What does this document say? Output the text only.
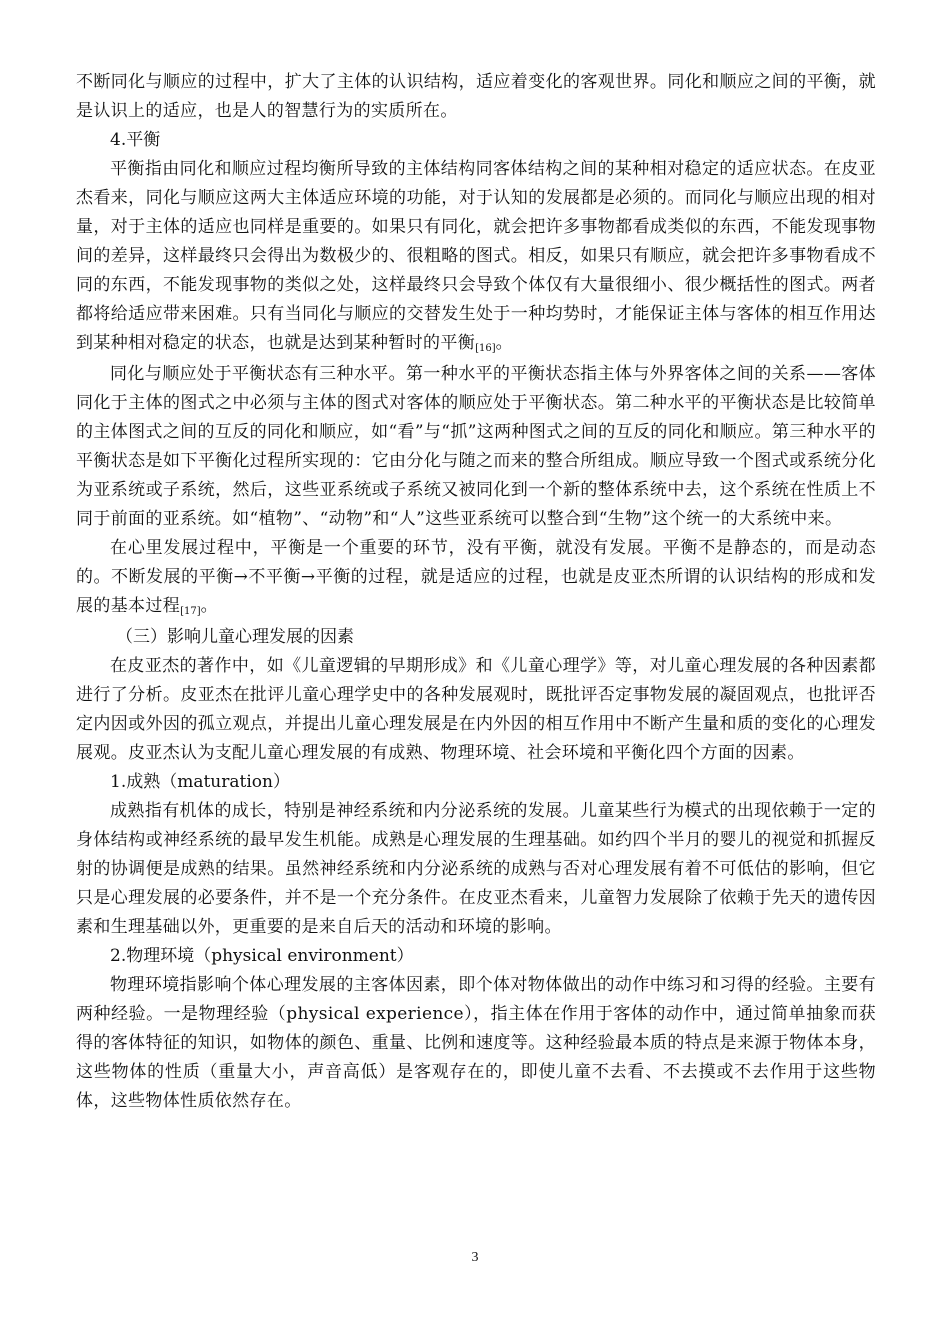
不断同化与顺应的过程中，扩大了主体的认识结构，适应着变化的客观世界。同化和顺应之间的平衡，就是认识上的适应，也是人的智慧行为的实质所在。

4.平衡

平衡指由同化和顺应过程均衡所导致的主体结构同客体结构之间的某种相对稳定的适应状态。在皮亚杰看来，同化与顺应这两大主体适应环境的功能，对于认知的发展都是必须的。而同化与顺应出现的相对量，对于主体的适应也同样是重要的。如果只有同化，就会把许多事物都看成类似的东西，不能发现事物间的差异，这样最终只会得出为数极少的、很粗略的图式。相反，如果只有顺应，就会把许多事物看成不同的东西，不能发现事物的类似之处，这样最终只会导致个体仅有大量很细小、很少概括性的图式。两者都将给适应带来困难。只有当同化与顺应的交替发生处于一种均势时，才能保证主体与客体的相互作用达到某种相对稳定的状态，也就是达到某种暂时的平衡[16]。

同化与顺应处于平衡状态有三种水平。第一种水平的平衡状态指主体与外界客体之间的关系——客体同化于主体的图式之中必须与主体的图式对客体的顺应处于平衡状态。第二种水平的平衡状态是比较简单的主体图式之间的互反的同化和顺应，如“看”与“抓”这两种图式之间的互反的同化和顺应。第三种水平的平衡状态是如下平衡化过程所实现的：它由分化与随之而来的整合所组成。顺应导致一个图式或系统分化为亚系统或子系统，然后，这些亚系统或子系统又被同化到一个新的整体系统中去，这个系统在性质上不同于前面的亚系统。如“植物”、“动物”和“人”这些亚系统可以整合到“生物”这个统一的大系统中来。

在心里发展过程中，平衡是一个重要的环节，没有平衡，就没有发展。平衡不是静态的，而是动态的。不断发展的平衡→不平衡→平衡的过程，就是适应的过程，也就是皮亚杰所谓的认识结构的形成和发展的基本过程[17]。

（三）影响儿童心理发展的因素

在皮亚杰的著作中，如《儿童逻辑的早期形成》和《儿童心理学》等，对儿童心理发展的各种因素都进行了分析。皮亚杰在批评儿童心理学史中的各种发展观时，既批评否定事物发展的凝固观点，也批评否定内因或外因的孤立观点，并提出儿童心理发展是在内外因的相互作用中不断产生量和质的变化的心理发展观。皮亚杰认为支配儿童心理发展的有成熟、物理环境、社会环境和平衡化四个方面的因素。

1.成熟（maturation）

成熟指有机体的成长，特别是神经系统和内分泌系统的发展。儿童某些行为模式的出现依赖于一定的身体结构或神经系统的最早发生机能。成熟是心理发展的生理基础。如约四个半月的婴儿的视觉和抓握反射的协调便是成熟的结果。虽然神经系统和内分泌系统的成熟与否对心理发展有着不可低估的影响，但它只是心理发展的必要条件，并不是一个充分条件。在皮亚杰看来，儿童智力发展除了依赖于先天的遗传因素和生理基础以外，更重要的是来自后天的活动和环境的影响。

2.物理环境（physical environment）

物理环境指影响个体心理发展的主客体因素，即个体对物体做出的动作中练习和习得的经验。主要有两种经验。一是物理经验（physical experience），指主体在作用于客体的动作中，通过简单抽象而获得的客体特征的知识，如物体的颜色、重量、比例和速度等。这种经验最本质的特点是来源于物体本身，这些物体的性质（重量大小，声音高低）是客观存在的，即使儿童不去看、不去摸或不去作用于这些物体，这些物体性质依然存在。

3
